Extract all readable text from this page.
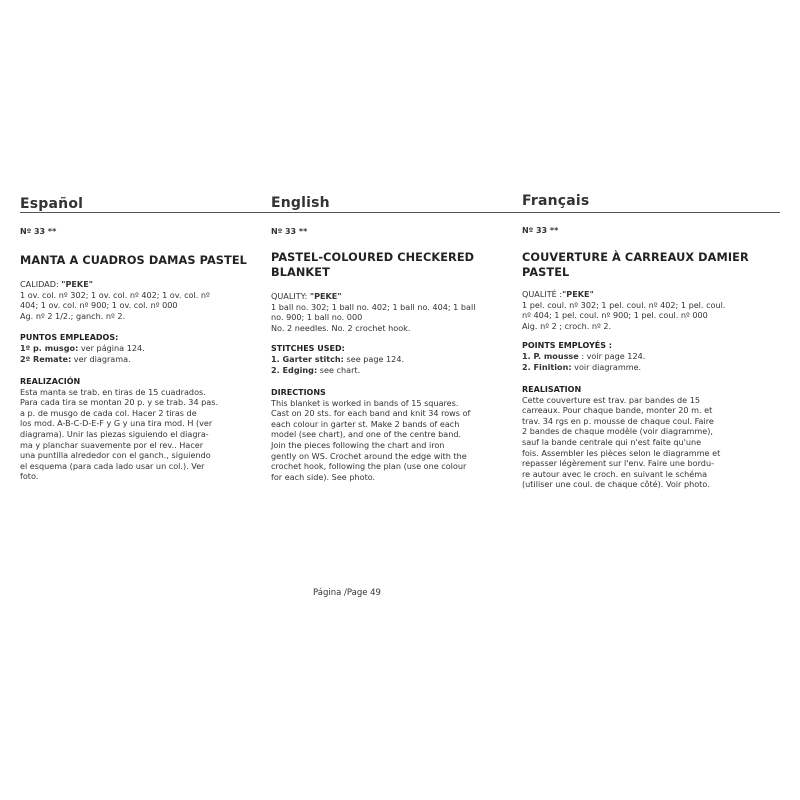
Español
Nº 33 **
MANTA A CUADROS DAMAS PASTEL
CALIDAD: "PEKE"

1 ov. col. nº 302; 1 ov. col. nº 402; 1 ov. col. nº

404; 1 ov. col. nº 900; 1 ov. col. nº 000

Ag. nº 2 1/2.; ganch. nº 2.

PUNTOS EMPLEADOS:
1º p. musgo: ver página 124.
2º Remate: ver diagrama.
REALIZACIÓN

Esta manta se trab. en tiras de 15 cuadrados.

Para cada tira se montan 20 p. y se trab. 34 pas.

a p. de musgo de cada col. Hacer 2 tiras de

los mod. A-B-C-D-E-F y G y una tira mod. H (ver

diagrama). Unir las piezas siguiendo el diagra-

ma y planchar suavemente por el rev.. Hacer

una puntilla alrededor con el ganch., siguiendo

el esquema (para cada lado usar un col.). Ver

foto.

English
Nº 33 **
PASTEL-COLOURED CHECKERED
BLANKET
QUALITY: "PEKE"

1 ball no. 302; 1 ball no. 402; 1 ball no. 404; 1 ball

no. 900; 1 ball no. 000

No. 2 needles. No. 2 crochet hook.

STITCHES USED:
1. Garter stitch: see page 124.
2. Edging: see chart.
DIRECTIONS

This blanket is worked in bands of 15 squares.

Cast on 20 sts. for each band and knit 34 rows of

each colour in garter st. Make 2 bands of each

model (see chart), and one of the centre band.

Join the pieces following the chart and iron

gently on WS. Crochet around the edge with the

crochet hook, following the plan (use one colour

for each side). See photo.

Français
Nº 33 **
COUVERTURE À CARREAUX DAMIER
PASTEL
QUALITÉ :"PEKE"

1 pel. coul. nº 302; 1 pel. coul. nº 402; 1 pel. coul.

nº 404; 1 pel. coul. nº 900; 1 pel. coul. nº 000

Aig. nº 2 ; croch. nº 2.

POINTS EMPLOYÉS :
1. P. mousse : voir page 124.
2. Finition: voir diagramme.
REALISATION

Cette couverture est trav. par bandes de 15

carreaux. Pour chaque bande, monter 20 m. et

trav. 34 rgs en p. mousse de chaque coul. Faire

2 bandes de chaque modèle (voir diagramme),

sauf la bande centrale qui n'est faite qu'une

fois. Assembler les pièces selon le diagramme et

repasser légèrement sur l'env. Faire une bordu-

re autour avec le croch. en suivant le schéma

(utiliser une coul. de chaque côté). Voir photo.

Página /Page 49
